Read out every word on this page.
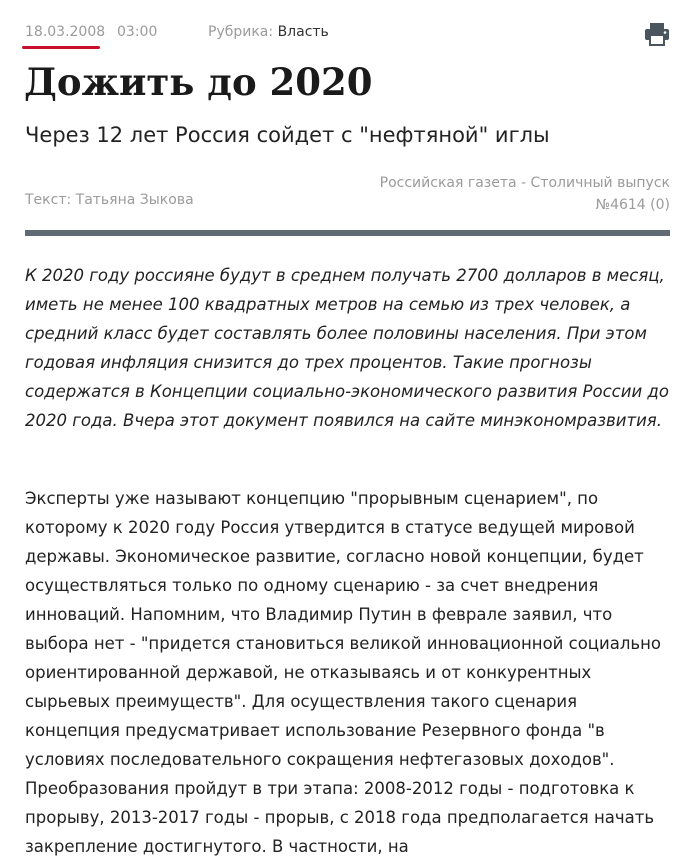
18.03.2008 03:00	Рубрика: Власть
Дожить до 2020
Через 12 лет Россия сойдет с "нефтяной" иглы
Текст: Татьяна Зыкова
Российская газета - Столичный выпуск
№4614 (0)

К 2020 году россияне будут в среднем получать 2700 долларов в месяц, иметь не менее 100 квадратных метров на семью из трех человек, а средний класс будет составлять более половины населения. При этом годовая инфляция снизится до трех процентов. Такие прогнозы содержатся в Концепции социально-экономического развития России до 2020 года. Вчера этот документ появился на сайте минэкономразвития.

Эксперты уже называют концепцию "прорывным сценарием", по которому к 2020 году Россия утвердится в статусе ведущей мировой державы. Экономическое развитие, согласно новой концепции, будет осуществляться только по одному сценарию - за счет внедрения инноваций. Напомним, что Владимир Путин в феврале заявил, что выбора нет - "придется становиться великой инновационной социально ориентированной державой, не отказываясь и от конкурентных сырьевых преимуществ". Для осуществления такого сценария концепция предусматривает использование Резервного фонда "в условиях последовательного сокращения нефтегазовых доходов". Преобразования пройдут в три этапа: 2008-2012 годы - подготовка к прорыву, 2013-2017 годы - прорыв, с 2018 года предполагается начать закрепление достигнутого. В частности, на
